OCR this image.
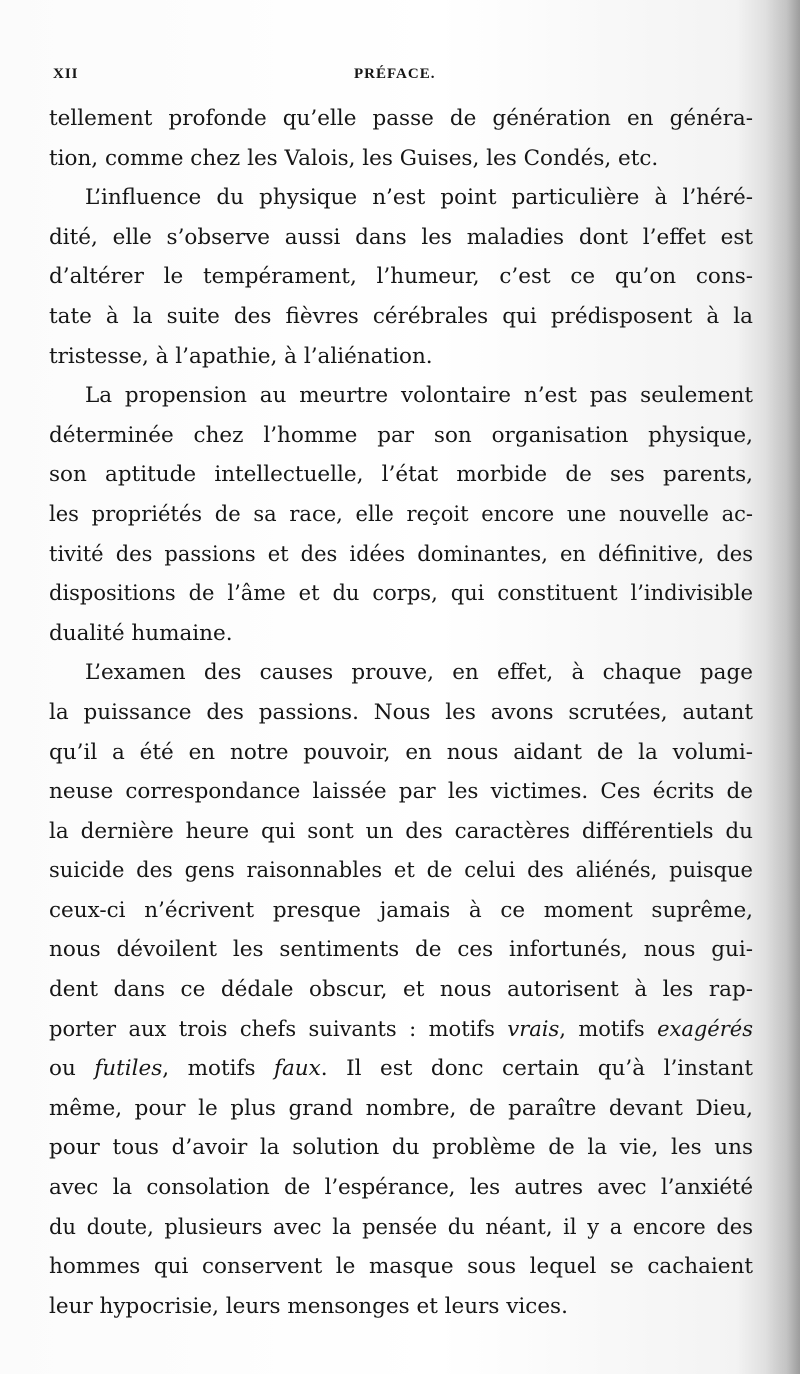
XII	PRÉFACE.

tellement profonde qu’elle passe de génération en généra-
tion, comme chez les Valois, les Guises, les Condés, etc.

L’influence du physique n’est point particulière à l’héré-
dité, elle s’observe aussi dans les maladies dont l’effet est
d’altérer le tempérament, l’humeur, c’est ce qu’on cons-
tate à la suite des fièvres cérébrales qui prédisposent à la
tristesse, à l’apathie, à l’aliénation.

La propension au meurtre volontaire n’est pas seulement
déterminée chez l’homme par son organisation physique,
son aptitude intellectuelle, l’état morbide de ses parents,
les propriétés de sa race, elle reçoit encore une nouvelle ac-
tivité des passions et des idées dominantes, en définitive, des
dispositions de l’âme et du corps, qui constituent l’indivisible
dualité humaine.

L’examen des causes prouve, en effet, à chaque page
la puissance des passions. Nous les avons scrutées, autant
qu’il a été en notre pouvoir, en nous aidant de la volumi-
neuse correspondance laissée par les victimes. Ces écrits de
la dernière heure qui sont un des caractères différentiels du
suicide des gens raisonnables et de celui des aliénés, puisque
ceux-ci n’écrivent presque jamais à ce moment suprême,
nous dévoilent les sentiments de ces infortunés, nous gui-
dent dans ce dédale obscur, et nous autorisent à les rap-
porter aux trois chefs suivants : motifs vrais, motifs exagérés
ou futiles, motifs faux. Il est donc certain qu’à l’instant
même, pour le plus grand nombre, de paraître devant Dieu,
pour tous d’avoir la solution du problème de la vie, les uns
avec la consolation de l’espérance, les autres avec l’anxiété
du doute, plusieurs avec la pensée du néant, il y a encore des
hommes qui conservent le masque sous lequel se cachaient
leur hypocrisie, leurs mensonges et leurs vices.
